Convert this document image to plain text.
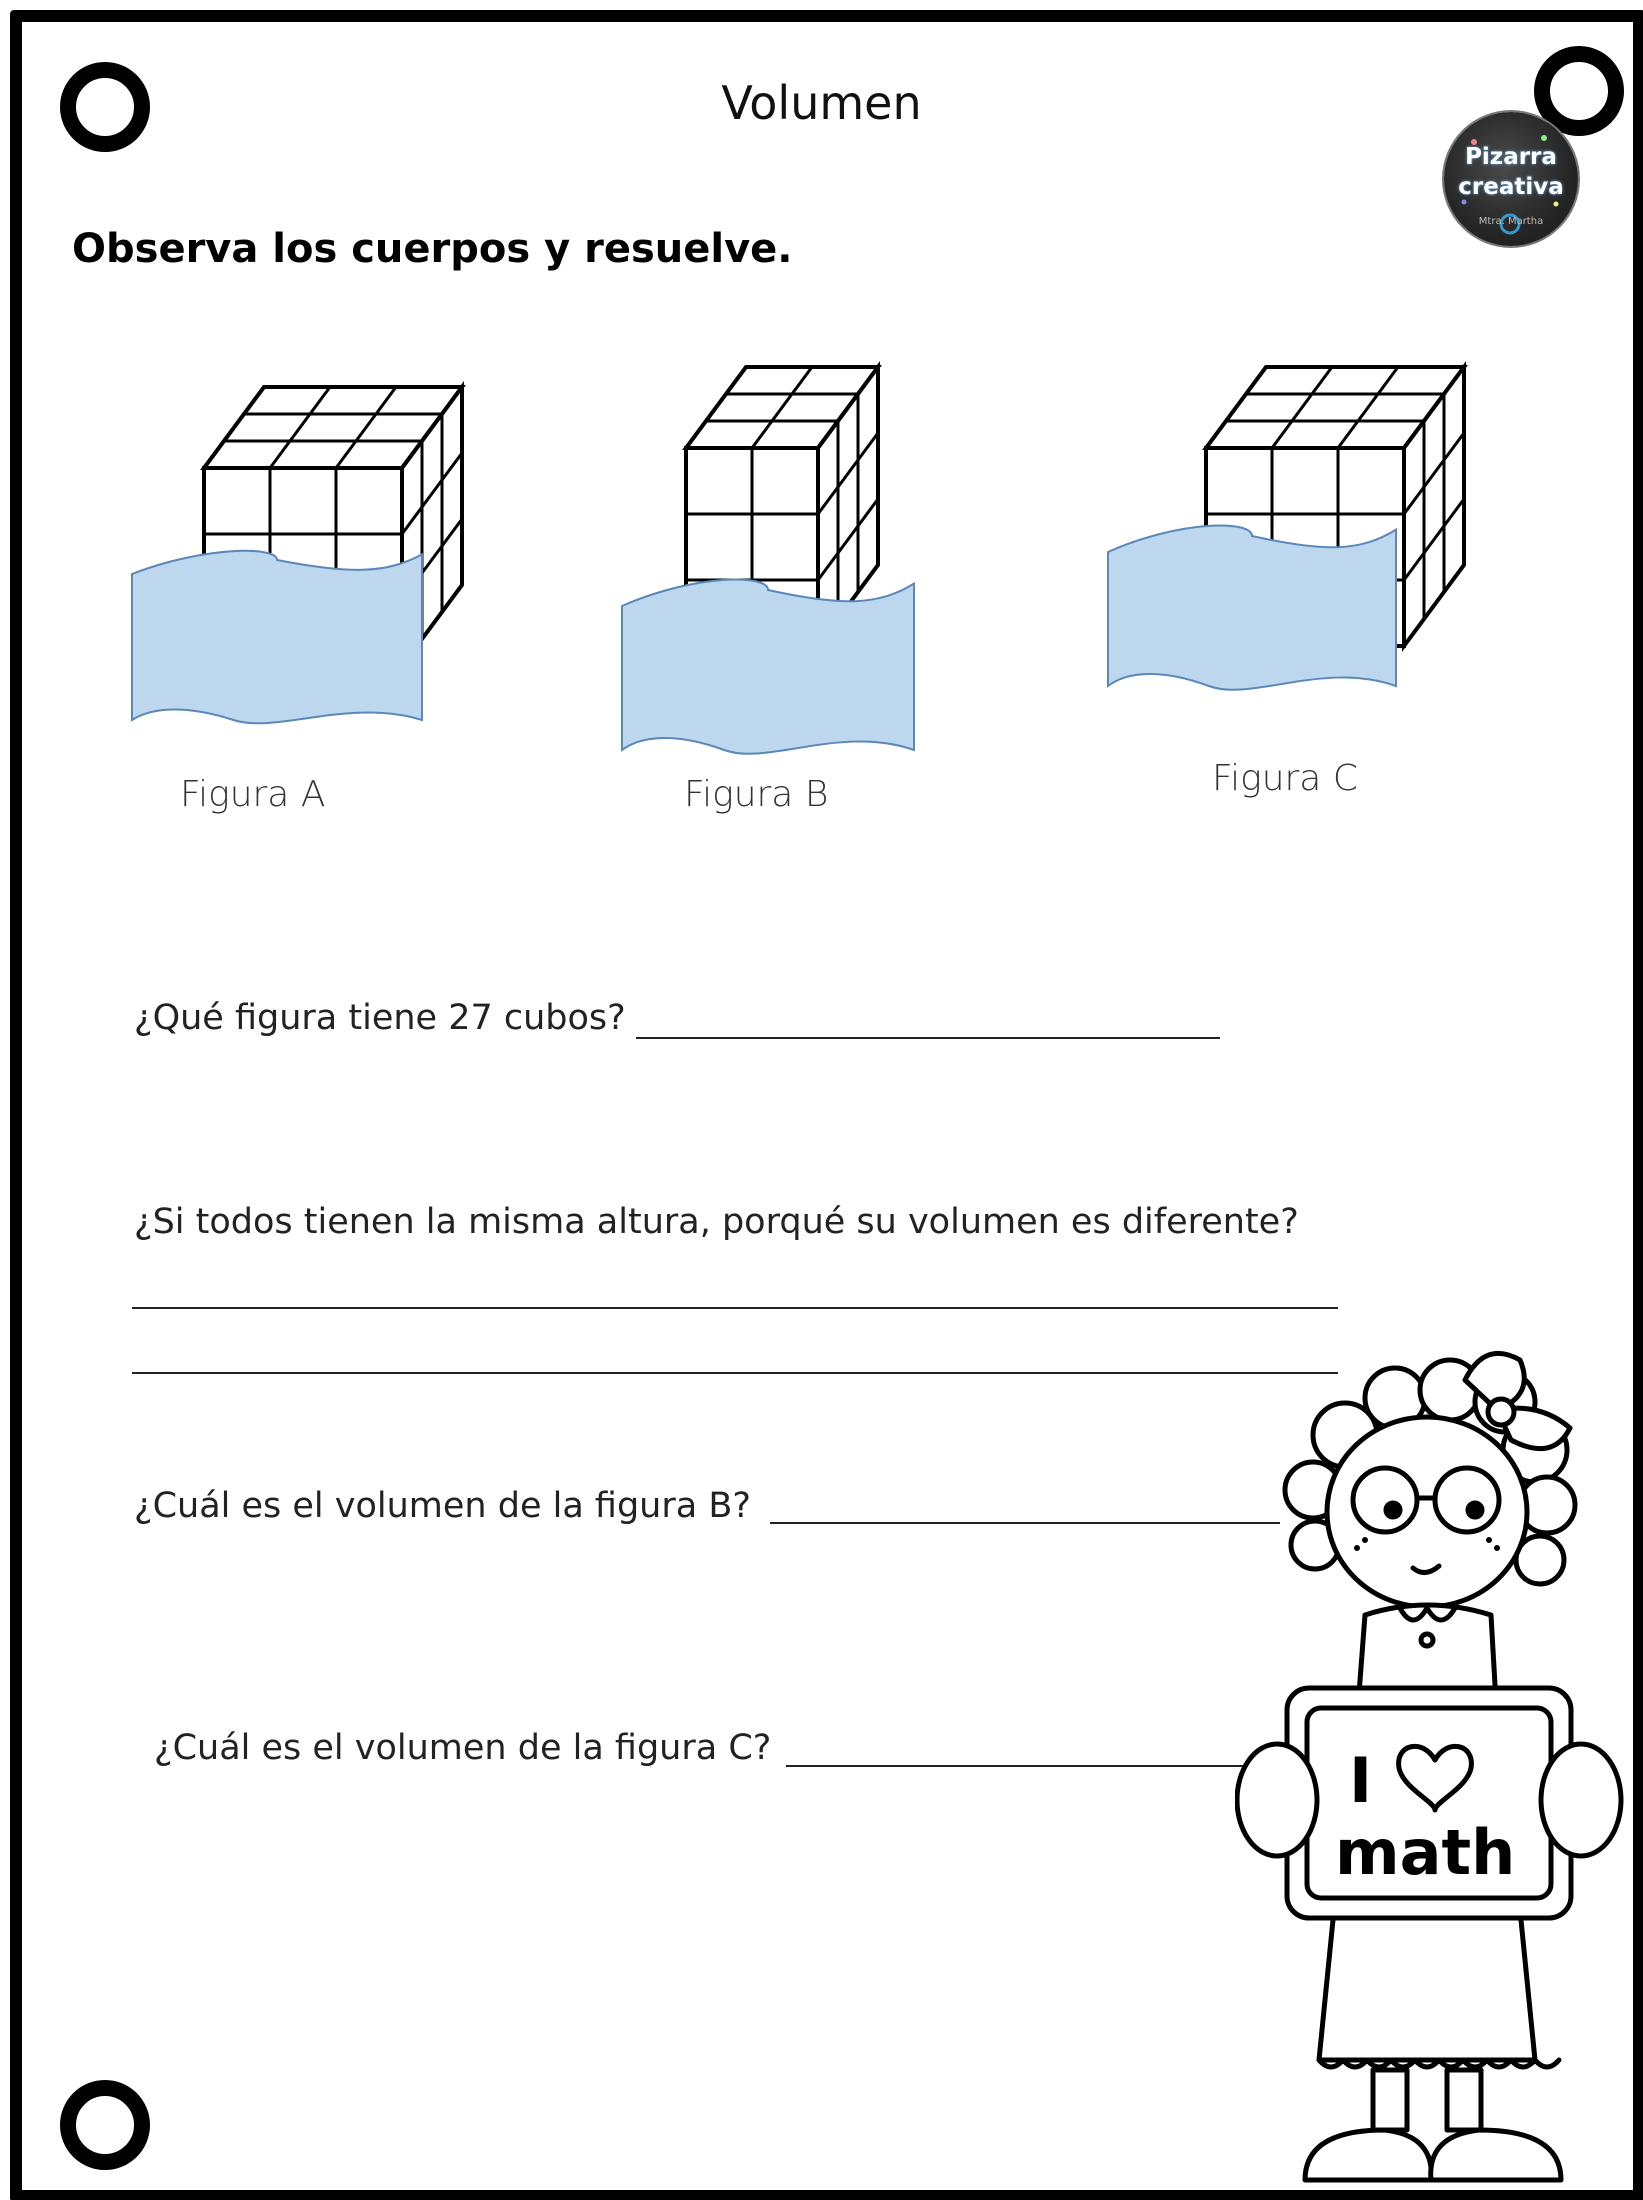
Volumen
Pizarra
creativa
Mtra. Martha
Observa los cuerpos y resuelve.
Figura A	Figura B	Figura C
¿Qué figura tiene 27 cubos?
¿Si todos tienen la misma altura, porqué su volumen es diferente?
¿Cuál es el volumen de la figura B?
¿Cuál es el volumen de la figura C?	I
math
